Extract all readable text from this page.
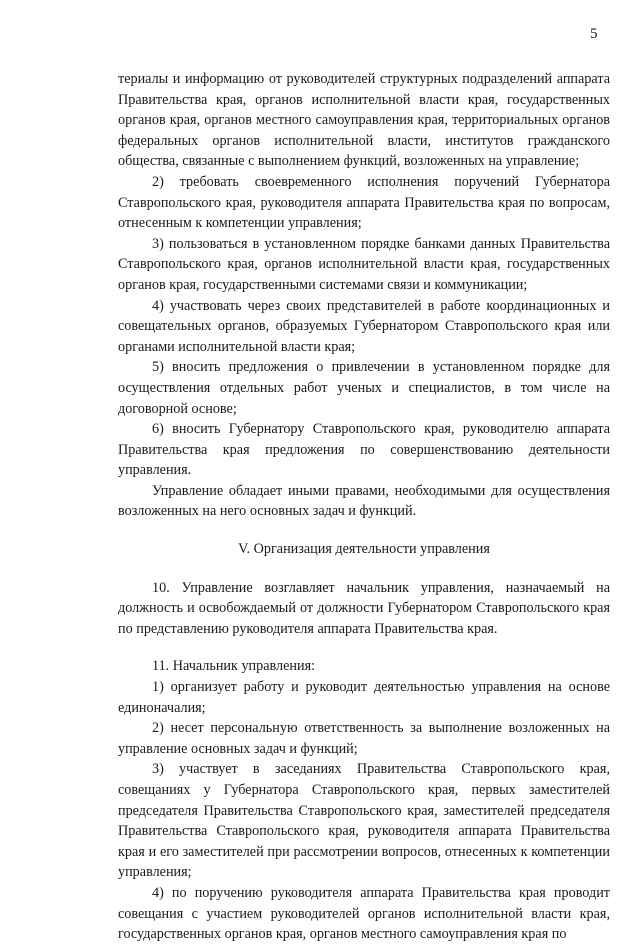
5

териалы и информацию от руководителей структурных подразделений аппарата Правительства края, органов исполнительной власти края, государственных органов края, органов местного самоуправления края, территориальных органов федеральных органов исполнительной власти, институтов гражданского общества, связанные с выполнением функций, возложенных на управление;

2) требовать своевременного исполнения поручений Губернатора Ставропольского края, руководителя аппарата Правительства края по вопросам, отнесенным к компетенции управления;

3) пользоваться в установленном порядке банками данных Правительства Ставропольского края, органов исполнительной власти края, государственных органов края, государственными системами связи и коммуникации;

4) участвовать через своих представителей в работе координационных и совещательных органов, образуемых Губернатором Ставропольского края или органами исполнительной власти края;

5) вносить предложения о привлечении в установленном порядке для осуществления отдельных работ ученых и специалистов, в том числе на договорной основе;

6) вносить Губернатору Ставропольского края, руководителю аппарата Правительства края предложения по совершенствованию деятельности управления.

Управление обладает иными правами, необходимыми для осуществления возложенных на него основных задач и функций.

V. Организация деятельности управления

10. Управление возглавляет начальник управления, назначаемый на должность и освобождаемый от должности Губернатором Ставропольского края по представлению руководителя аппарата Правительства края.

11. Начальник управления:

1) организует работу и руководит деятельностью управления на основе единоначалия;

2) несет персональную ответственность за выполнение возложенных на управление основных задач и функций;

3) участвует в заседаниях Правительства Ставропольского края, совещаниях у Губернатора Ставропольского края, первых заместителей председателя Правительства Ставропольского края, заместителей председателя Правительства Ставропольского края, руководителя аппарата Правительства края и его заместителей при рассмотрении вопросов, отнесенных к компетенции управления;

4) по поручению руководителя аппарата Правительства края проводит совещания с участием руководителей органов исполнительной власти края, государственных органов края, органов местного самоуправления края по
